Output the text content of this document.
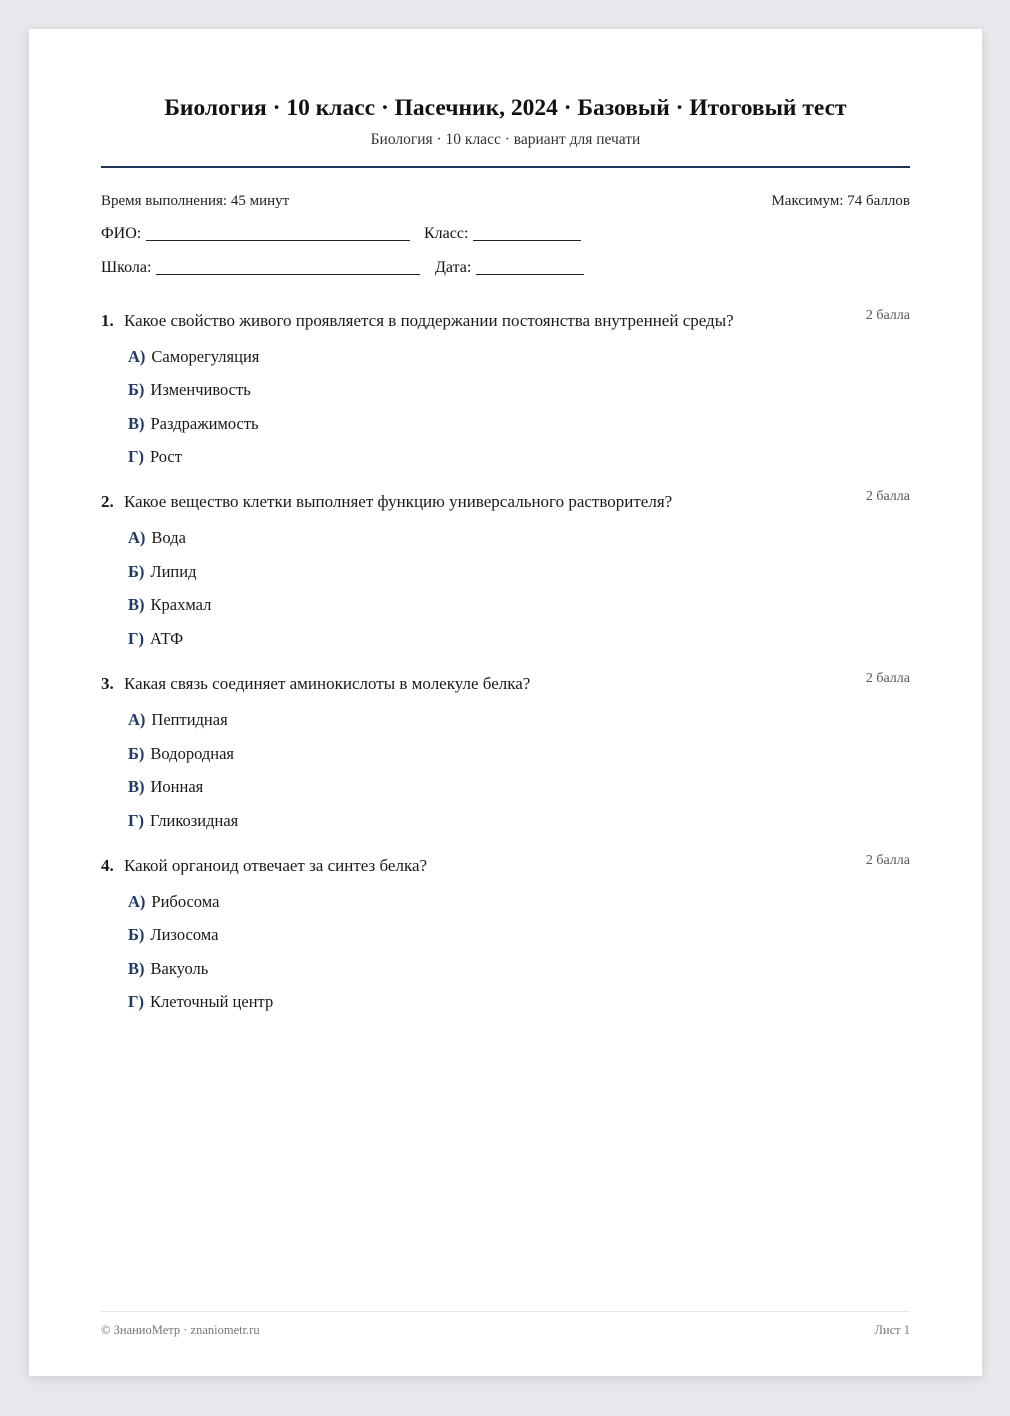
Биология · 10 класс · Пасечник, 2024 · Базовый · Итоговый тест
Биология · 10 класс · вариант для печати
Время выполнения: 45 минут	Максимум: 74 баллов
ФИО:	Класс:
Школа:	Дата:
1. Какое свойство живого проявляется в поддержании постоянства внутренней среды?	2 балла
А) Саморегуляция
Б) Изменчивость
В) Раздражимость
Г) Рост
2. Какое вещество клетки выполняет функцию универсального растворителя?	2 балла
А) Вода
Б) Липид
В) Крахмал
Г) АТФ
3. Какая связь соединяет аминокислоты в молекуле белка?	2 балла
А) Пептидная
Б) Водородная
В) Ионная
Г) Гликозидная
4. Какой органоид отвечает за синтез белка?	2 балла
А) Рибосома
Б) Лизосома
В) Вакуоль
Г) Клеточный центр
© ЗнаниоМетр · znaniometr.ru	Лист 1
